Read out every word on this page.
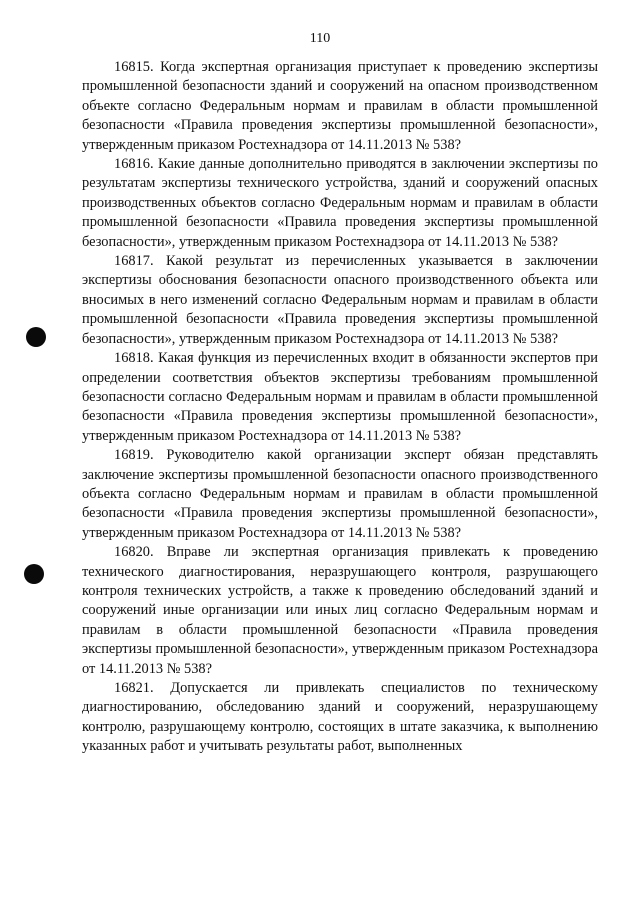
110

16815. Когда экспертная организация приступает к проведению экспертизы промышленной безопасности зданий и сооружений на опасном производственном объекте согласно Федеральным нормам и правилам в области промышленной безопасности «Правила проведения экспертизы промышленной безопасности», утвержденным приказом Ростехнадзора от 14.11.2013 № 538?

16816. Какие данные дополнительно приводятся в заключении экспертизы по результатам экспертизы технического устройства, зданий и сооружений опасных производственных объектов согласно Федеральным нормам и правилам в области промышленной безопасности «Правила проведения экспертизы промышленной безопасности», утвержденным приказом Ростехнадзора от 14.11.2013 № 538?

16817. Какой результат из перечисленных указывается в заключении экспертизы обоснования безопасности опасного производственного объекта или вносимых в него изменений согласно Федеральным нормам и правилам в области промышленной безопасности «Правила проведения экспертизы промышленной безопасности», утвержденным приказом Ростехнадзора от 14.11.2013 № 538?

16818. Какая функция из перечисленных входит в обязанности экспертов при определении соответствия объектов экспертизы требованиям промышленной безопасности согласно Федеральным нормам и правилам в области промышленной безопасности «Правила проведения экспертизы промышленной безопасности», утвержденным приказом Ростехнадзора от 14.11.2013 № 538?

16819. Руководителю какой организации эксперт обязан представлять заключение экспертизы промышленной безопасности опасного производственного объекта согласно Федеральным нормам и правилам в области промышленной безопасности «Правила проведения экспертизы промышленной безопасности», утвержденным приказом Ростехнадзора от 14.11.2013 № 538?

16820. Вправе ли экспертная организация привлекать к проведению технического диагностирования, неразрушающего контроля, разрушающего контроля технических устройств, а также к проведению обследований зданий и сооружений иные организации или иных лиц согласно Федеральным нормам и правилам в области промышленной безопасности «Правила проведения экспертизы промышленной безопасности», утвержденным приказом Ростехнадзора от 14.11.2013 № 538?

16821. Допускается ли привлекать специалистов по техническому диагностированию, обследованию зданий и сооружений, неразрушающему контролю, разрушающему контролю, состоящих в штате заказчика, к выполнению указанных работ и учитывать результаты работ, выполненных
